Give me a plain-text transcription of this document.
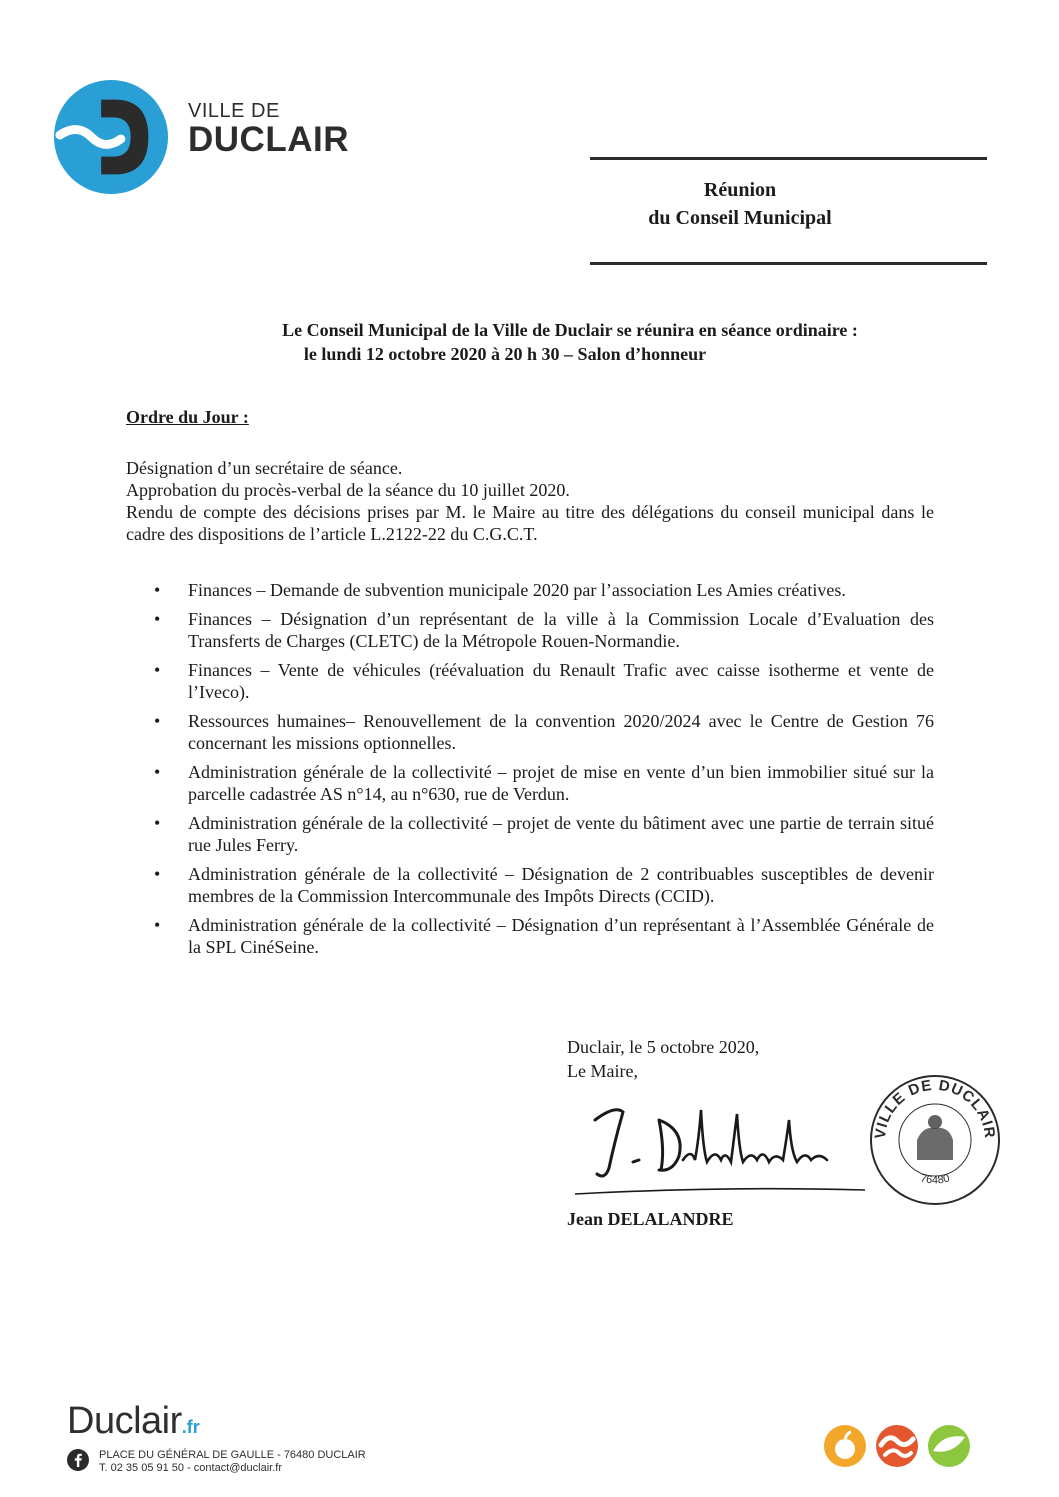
VILLE DE
DUCLAIR
Réunion
du Conseil Municipal
Le Conseil Municipal de la Ville de Duclair se réunira en séance ordinaire :
le lundi 12 octobre 2020 à 20 h 30 – Salon d’honneur
Ordre du Jour :

Désignation d’un secrétaire de séance.

Approbation du procès-verbal de la séance du 10 juillet 2020.

Rendu de compte des décisions prises par M. le Maire au titre des délégations du conseil municipal dans le cadre des dispositions de l’article L.2122-22 du C.G.C.T.

• Finances – Demande de subvention municipale 2020 par l’association Les Amies créatives.
• Finances – Désignation d’un représentant de la ville à la Commission Locale d’Evaluation des Transferts de Charges (CLETC) de la Métropole Rouen-Normandie.
• Finances – Vente de véhicules (réévaluation du Renault Trafic avec caisse isotherme et vente de l’Iveco).
• Ressources humaines– Renouvellement de la convention 2020/2024 avec le Centre de Gestion 76 concernant les missions optionnelles.
• Administration générale de la collectivité – projet de mise en vente d’un bien immobilier situé sur la parcelle cadastrée AS n°14, au n°630, rue de Verdun.
• Administration générale de la collectivité – projet de vente du bâtiment avec une partie de terrain situé rue Jules Ferry.
• Administration générale de la collectivité – Désignation de 2 contribuables susceptibles de devenir membres de la Commission Intercommunale des Impôts Directs (CCID).
• Administration générale de la collectivité – Désignation d’un représentant à l’Assemblée Générale de la SPL CinéSeine.
Duclair, le 5 octobre 2020,
Le Maire,
Jean DELALANDRE
VILLE DE DUCLAIR
76480
Duclair.fr
PLACE DU GÉNÉRAL DE GAULLE - 76480 DUCLAIR
T. 02 35 05 91 50 - contact@duclair.fr
